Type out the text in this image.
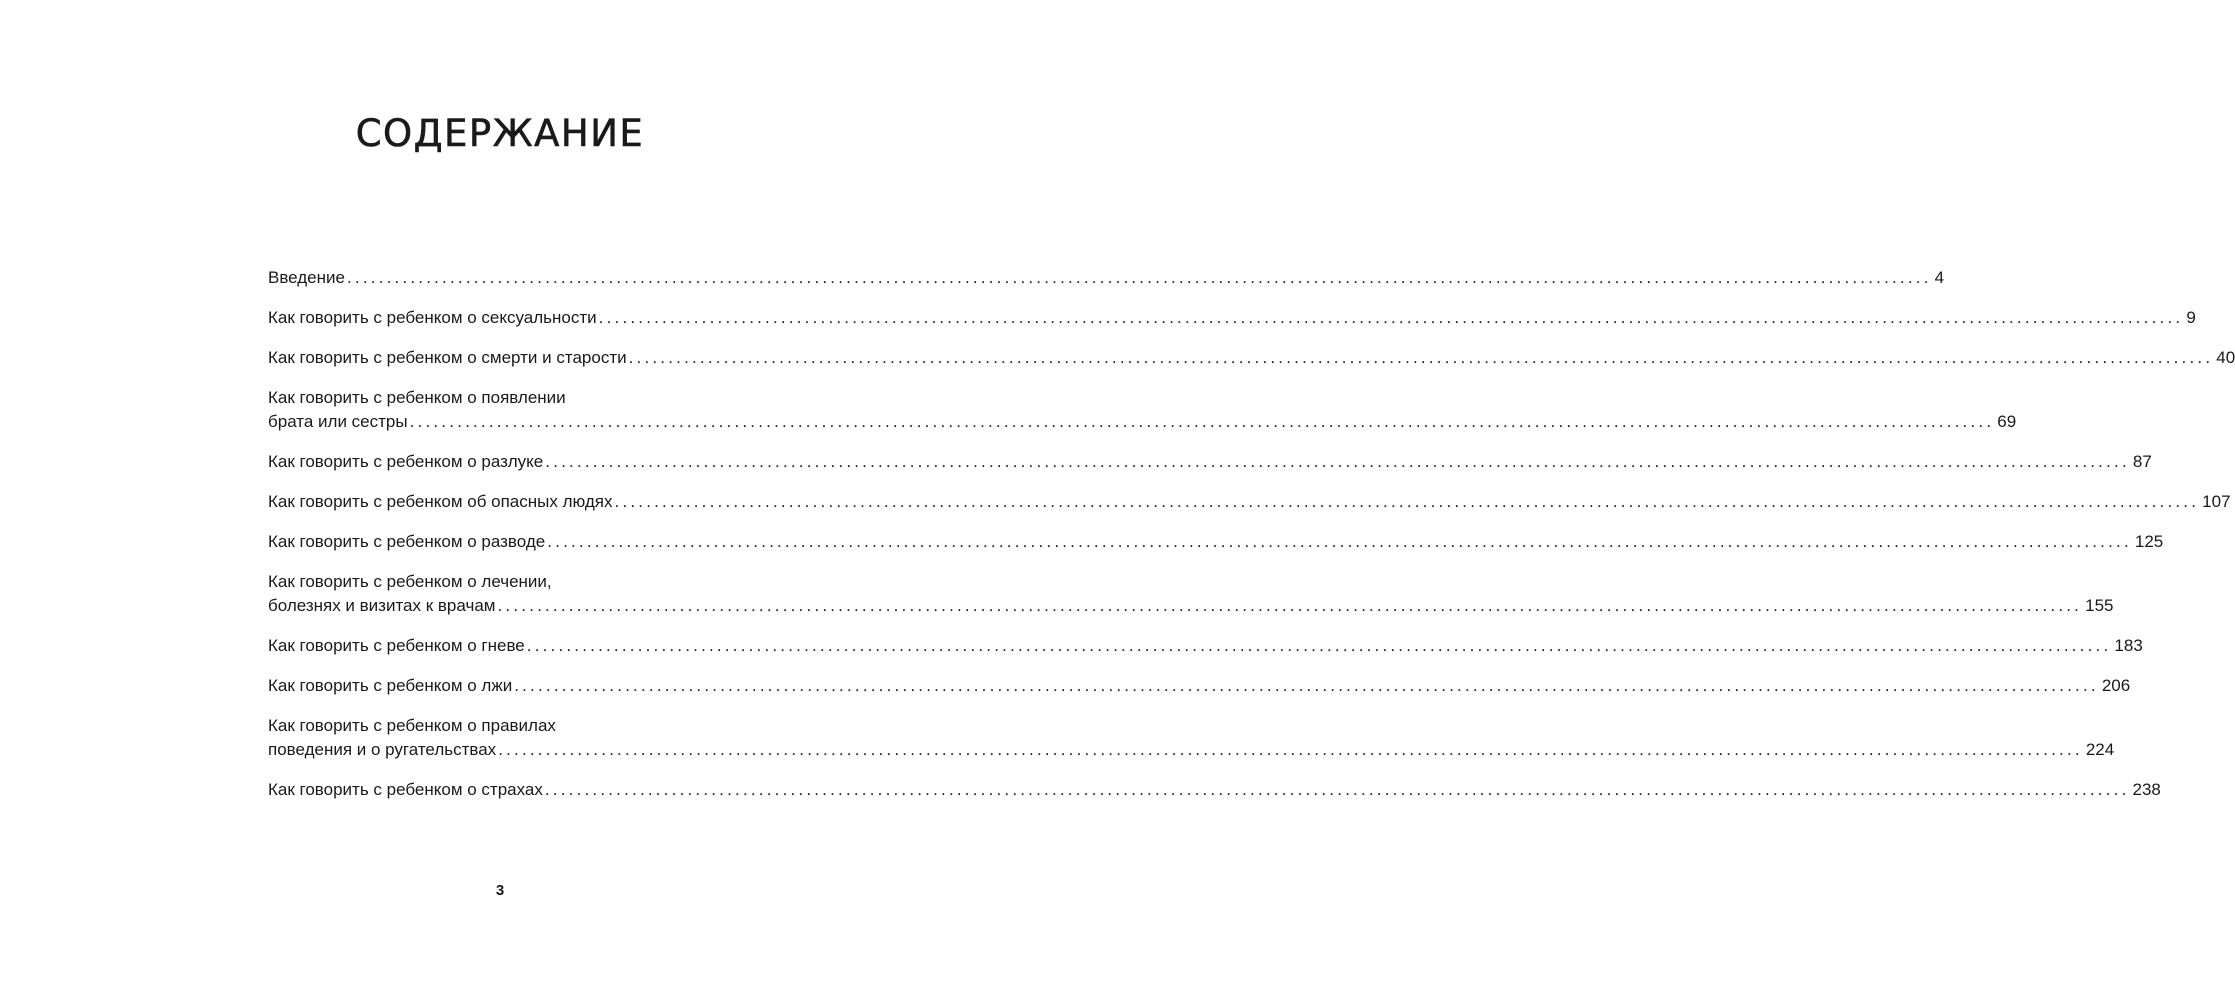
СОДЕРЖАНИЕ
Введение ........................................................................................................................................................................................................ 4
Как говорить с ребенком о сексуальности ........................................................................................................................................................................................................ 9
Как говорить с ребенком о смерти и старости ........................................................................................................................................................................................................ 40
Как говорить с ребенком о появлении
брата или сестры ........................................................................................................................................................................................................ 69
Как говорить с ребенком о разлуке ........................................................................................................................................................................................................ 87
Как говорить с ребенком об опасных людях ........................................................................................................................................................................................................ 107
Как говорить с ребенком о разводе ........................................................................................................................................................................................................ 125
Как говорить с ребенком о лечении,
болезнях и визитах к врачам ........................................................................................................................................................................................................ 155
Как говорить с ребенком о гневе ........................................................................................................................................................................................................ 183
Как говорить с ребенком о лжи ........................................................................................................................................................................................................ 206
Как говорить с ребенком о правилах
поведения и о ругательствах ........................................................................................................................................................................................................ 224
Как говорить с ребенком о страхах ........................................................................................................................................................................................................ 238
3
